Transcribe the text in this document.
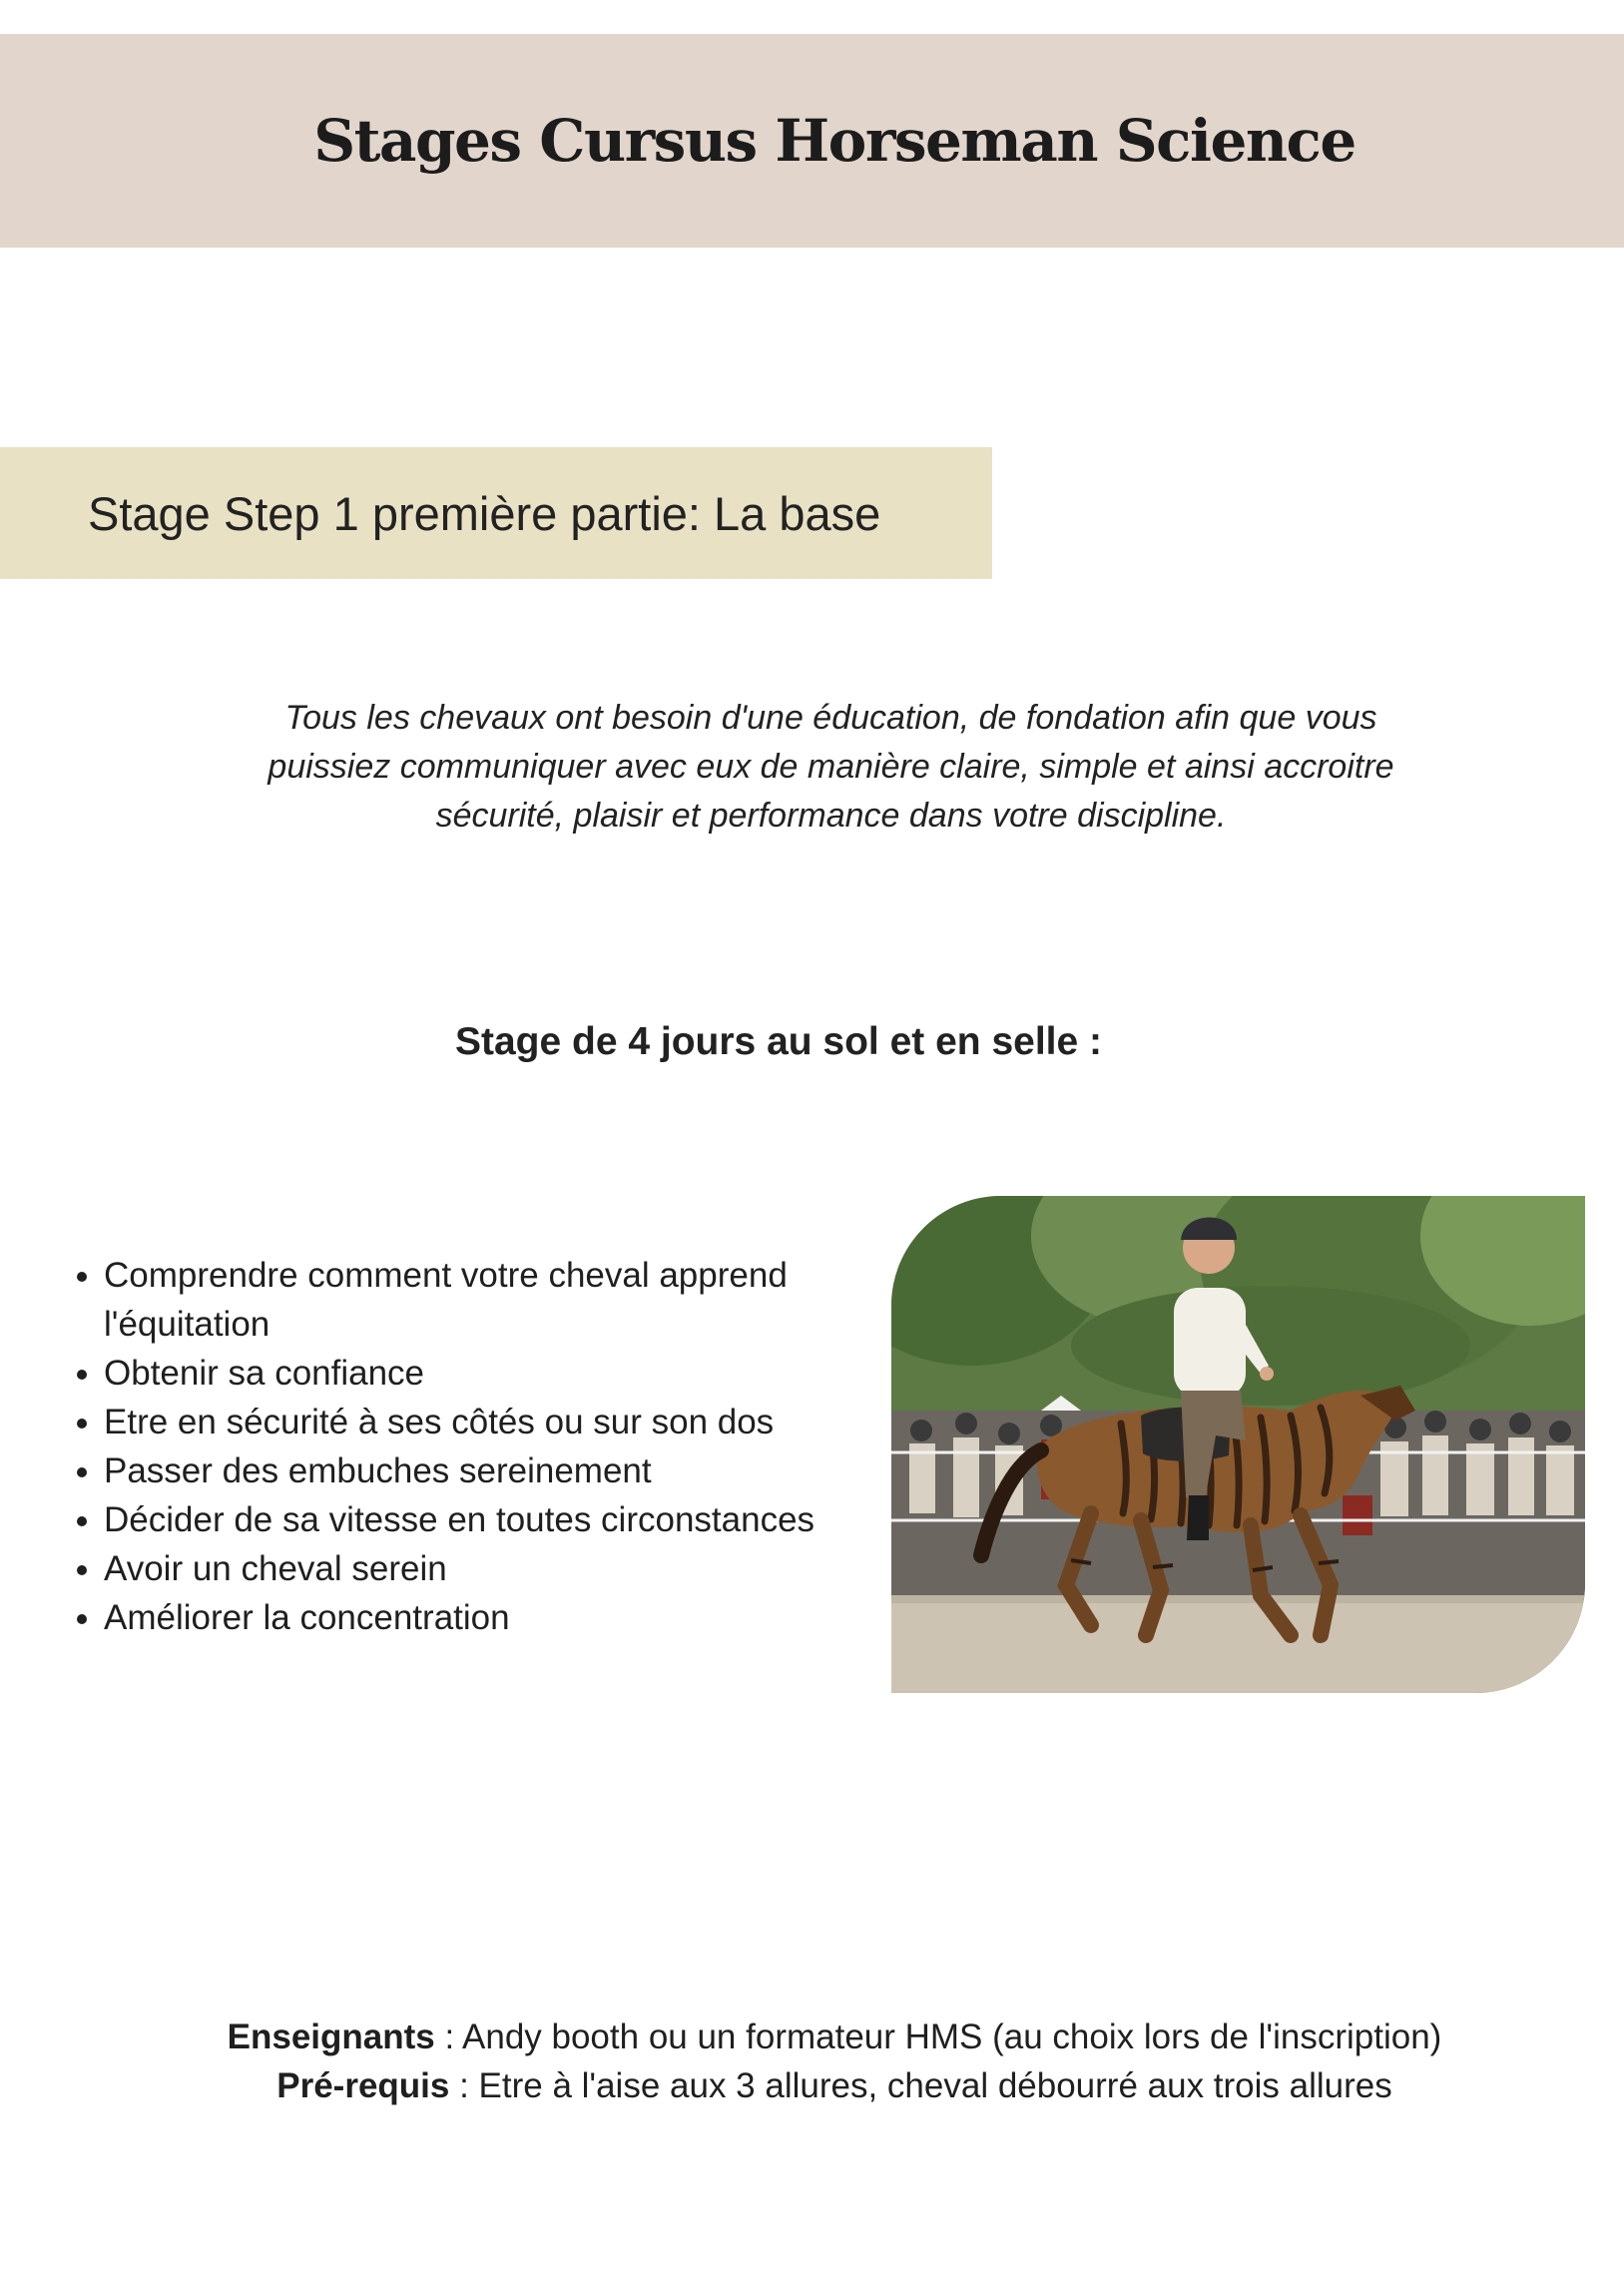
Stages Cursus Horseman Science
Stage Step 1 première partie: La base

Tous les chevaux ont besoin d'une éducation, de fondation afin que vous puissiez communiquer avec eux de manière claire, simple et ainsi accroitre sécurité, plaisir et performance dans votre discipline.

Stage de 4 jours au sol et en selle :
• Comprendre comment votre cheval apprend l'équitation
• Obtenir sa confiance
• Etre en sécurité à ses côtés ou sur son dos
• Passer des embuches sereinement
• Décider de sa vitesse en toutes circonstances
• Avoir un cheval serein
• Améliorer la concentration

Enseignants : Andy booth ou un formateur HMS (au choix lors de l'inscription)
Pré-requis : Etre à l'aise aux 3 allures, cheval débourré aux trois allures
